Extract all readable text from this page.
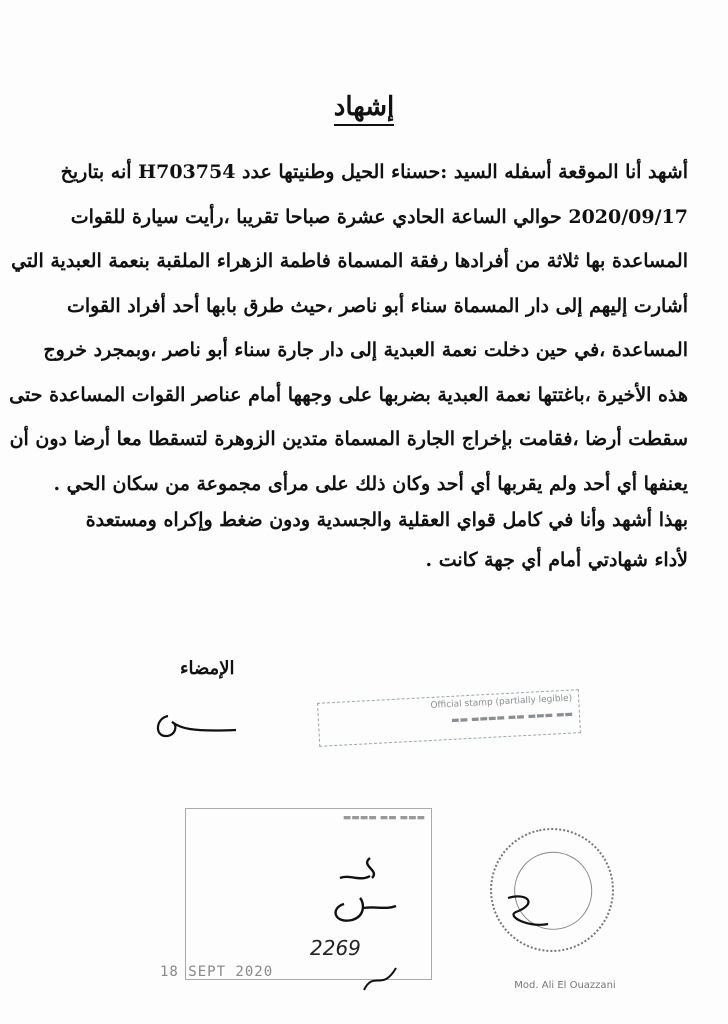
إشهاد
أشهد أنا الموقعة أسفله السيد :حسناء الحيل وطنيتها عدد H703754 أنه بتاريخ
2020/09/17 حوالي الساعة الحادي عشرة صباحا تقريبا ،رأيت سيارة للقوات
المساعدة بها ثلاثة من أفرادها رفقة المسماة فاطمة الزهراء الملقبة بنعمة العبدية التي
أشارت إليهم إلى دار المسماة سناء أبو ناصر ،حيث طرق بابها أحد أفراد القوات
المساعدة ،في حين دخلت نعمة العبدية إلى دار جارة سناء أبو ناصر ،وبمجرد خروج
هذه الأخيرة ،باغتتها نعمة العبدية بضربها على وجهها أمام عناصر القوات المساعدة حتى
سقطت أرضا ،فقامت بإخراج الجارة المسماة متدين الزوهرة لتسقطا معا أرضا دون أن
يعنفها أي أحد ولم يقربها أي أحد وكان ذلك على مرأى مجموعة من سكان الحي .
بهذا أشهد وأنا في كامل قواي العقلية والجسدية ودون ضغط وإكراه ومستعدة
لأداء شهادتي أمام أي جهة كانت .
الإمضاء
Official stamp (partially legible)
▬▬ ▬▬▬ ▬▬ ▬▬▬▬ ▬▬
▬▬▬ ▬▬ ▬▬▬▬
2269
18 SEPT 2020
Mod. Ali El Ouazzani
